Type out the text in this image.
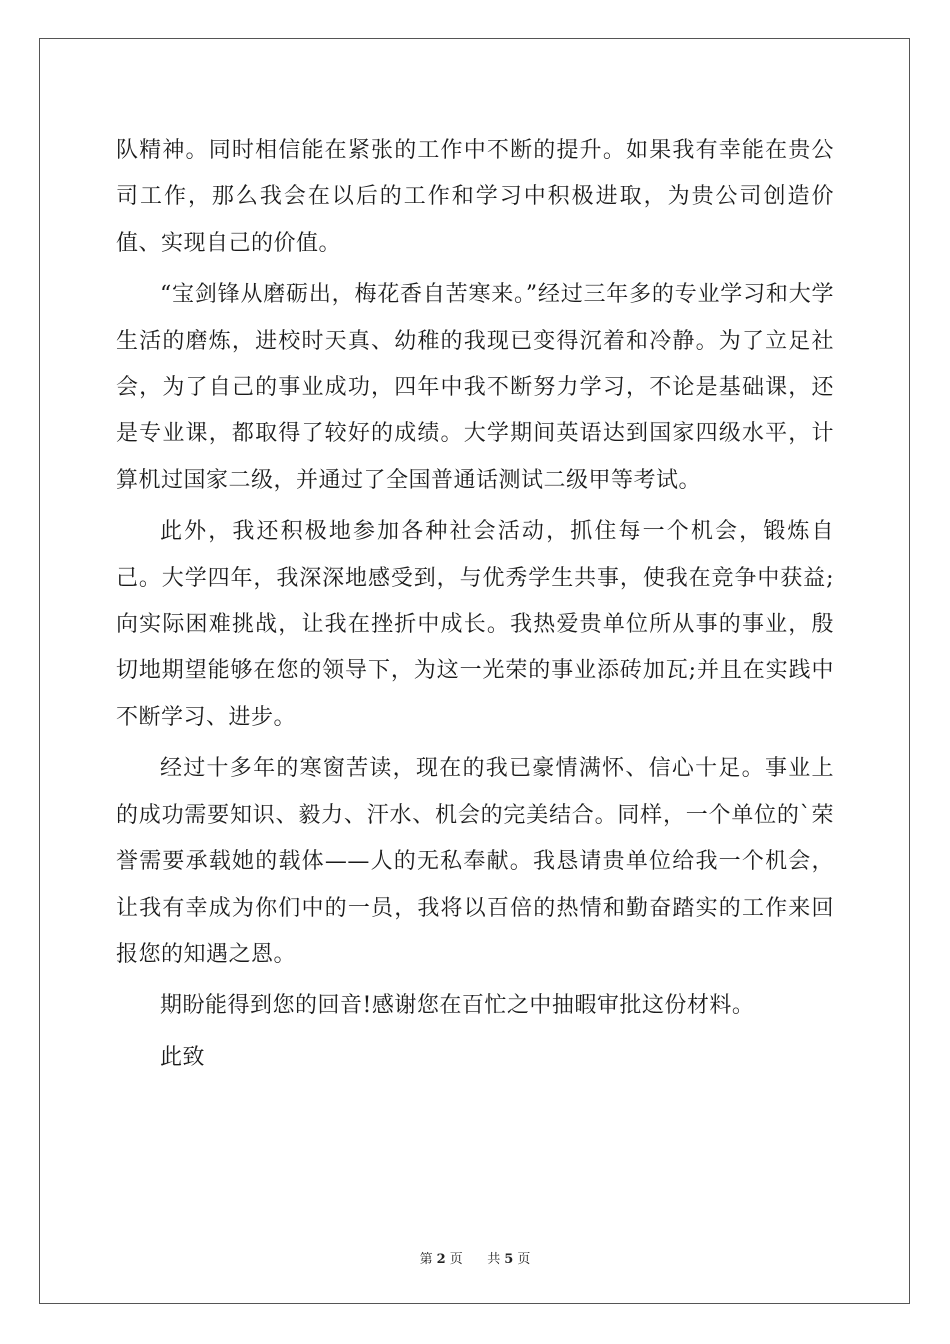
队精神。同时相信能在紧张的工作中不断的提升。如果我有幸能在贵公司工作，那么我会在以后的工作和学习中积极进取，为贵公司创造价值、实现自己的价值。

“宝剑锋从磨砺出，梅花香自苦寒来。”经过三年多的专业学习和大学生活的磨炼，进校时天真、幼稚的我现已变得沉着和冷静。为了立足社会，为了自己的事业成功，四年中我不断努力学习，不论是基础课，还是专业课，都取得了较好的成绩。大学期间英语达到国家四级水平，计算机过国家二级，并通过了全国普通话测试二级甲等考试。

此外，我还积极地参加各种社会活动，抓住每一个机会，锻炼自己。大学四年，我深深地感受到，与优秀学生共事，使我在竞争中获益;向实际困难挑战，让我在挫折中成长。我热爱贵单位所从事的事业，殷切地期望能够在您的领导下，为这一光荣的事业添砖加瓦;并且在实践中不断学习、进步。

经过十多年的寒窗苦读，现在的我已豪情满怀、信心十足。事业上的成功需要知识、毅力、汗水、机会的完美结合。同样，一个单位的`荣誉需要承载她的载体——人的无私奉献。我恳请贵单位给我一个机会，让我有幸成为你们中的一员，我将以百倍的热情和勤奋踏实的工作来回报您的知遇之恩。

期盼能得到您的回音!感谢您在百忙之中抽暇审批这份材料。

此致

第 2 页 共 5 页
